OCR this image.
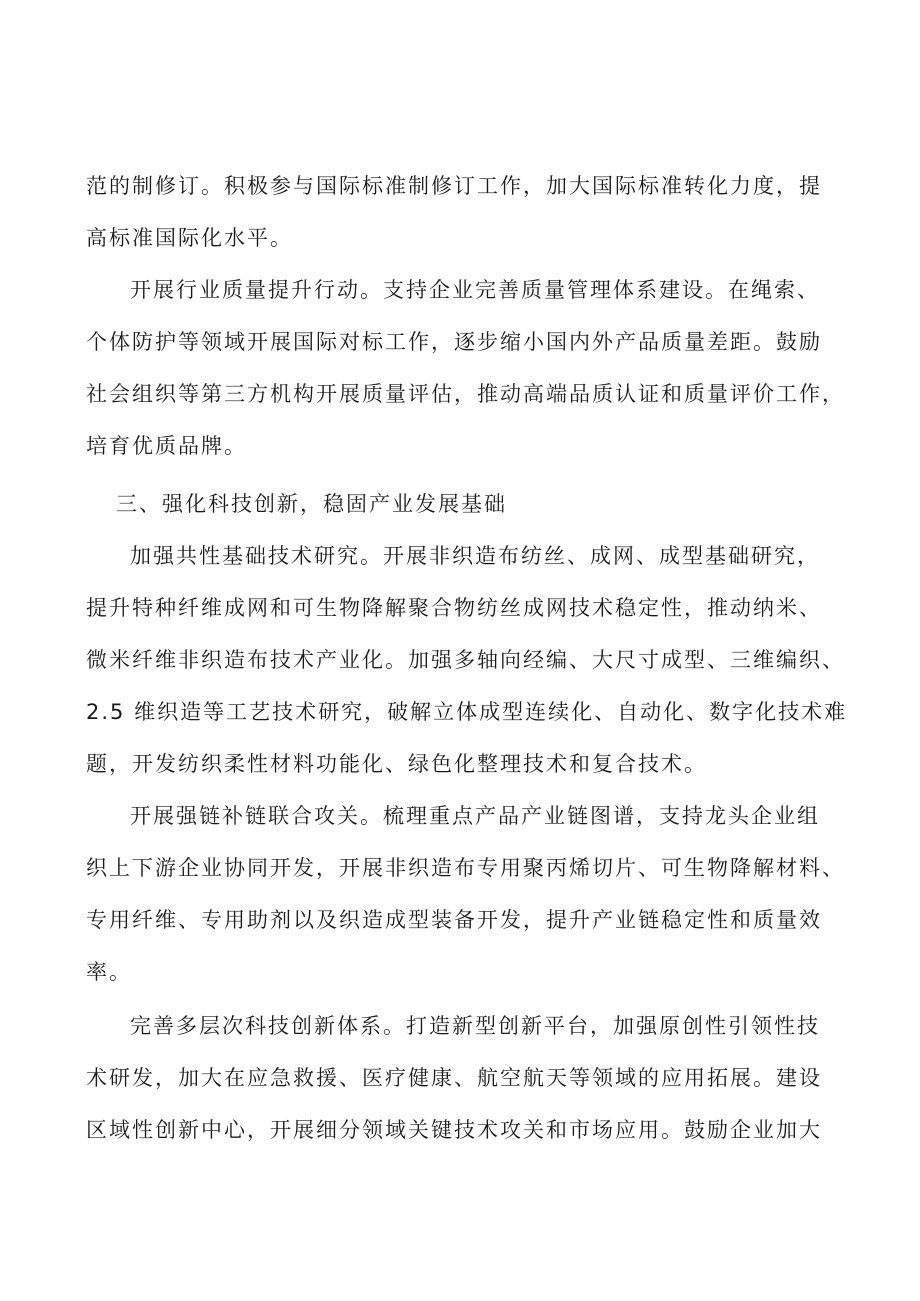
范的制修订。积极参与国际标准制修订工作，加大国际标准转化力度，提
高标准国际化水平。
开展行业质量提升行动。支持企业完善质量管理体系建设。在绳索、
个体防护等领域开展国际对标工作，逐步缩小国内外产品质量差距。鼓励
社会组织等第三方机构开展质量评估，推动高端品质认证和质量评价工作，
培育优质品牌。
三、强化科技创新，稳固产业发展基础
加强共性基础技术研究。开展非织造布纺丝、成网、成型基础研究，
提升特种纤维成网和可生物降解聚合物纺丝成网技术稳定性，推动纳米、
微米纤维非织造布技术产业化。加强多轴向经编、大尺寸成型、三维编织、
2.5 维织造等工艺技术研究，破解立体成型连续化、自动化、数字化技术难
题，开发纺织柔性材料功能化、绿色化整理技术和复合技术。
开展强链补链联合攻关。梳理重点产品产业链图谱，支持龙头企业组
织上下游企业协同开发，开展非织造布专用聚丙烯切片、可生物降解材料、
专用纤维、专用助剂以及织造成型装备开发，提升产业链稳定性和质量效
率。
完善多层次科技创新体系。打造新型创新平台，加强原创性引领性技
术研发，加大在应急救援、医疗健康、航空航天等领域的应用拓展。建设
区域性创新中心，开展细分领域关键技术攻关和市场应用。鼓励企业加大
